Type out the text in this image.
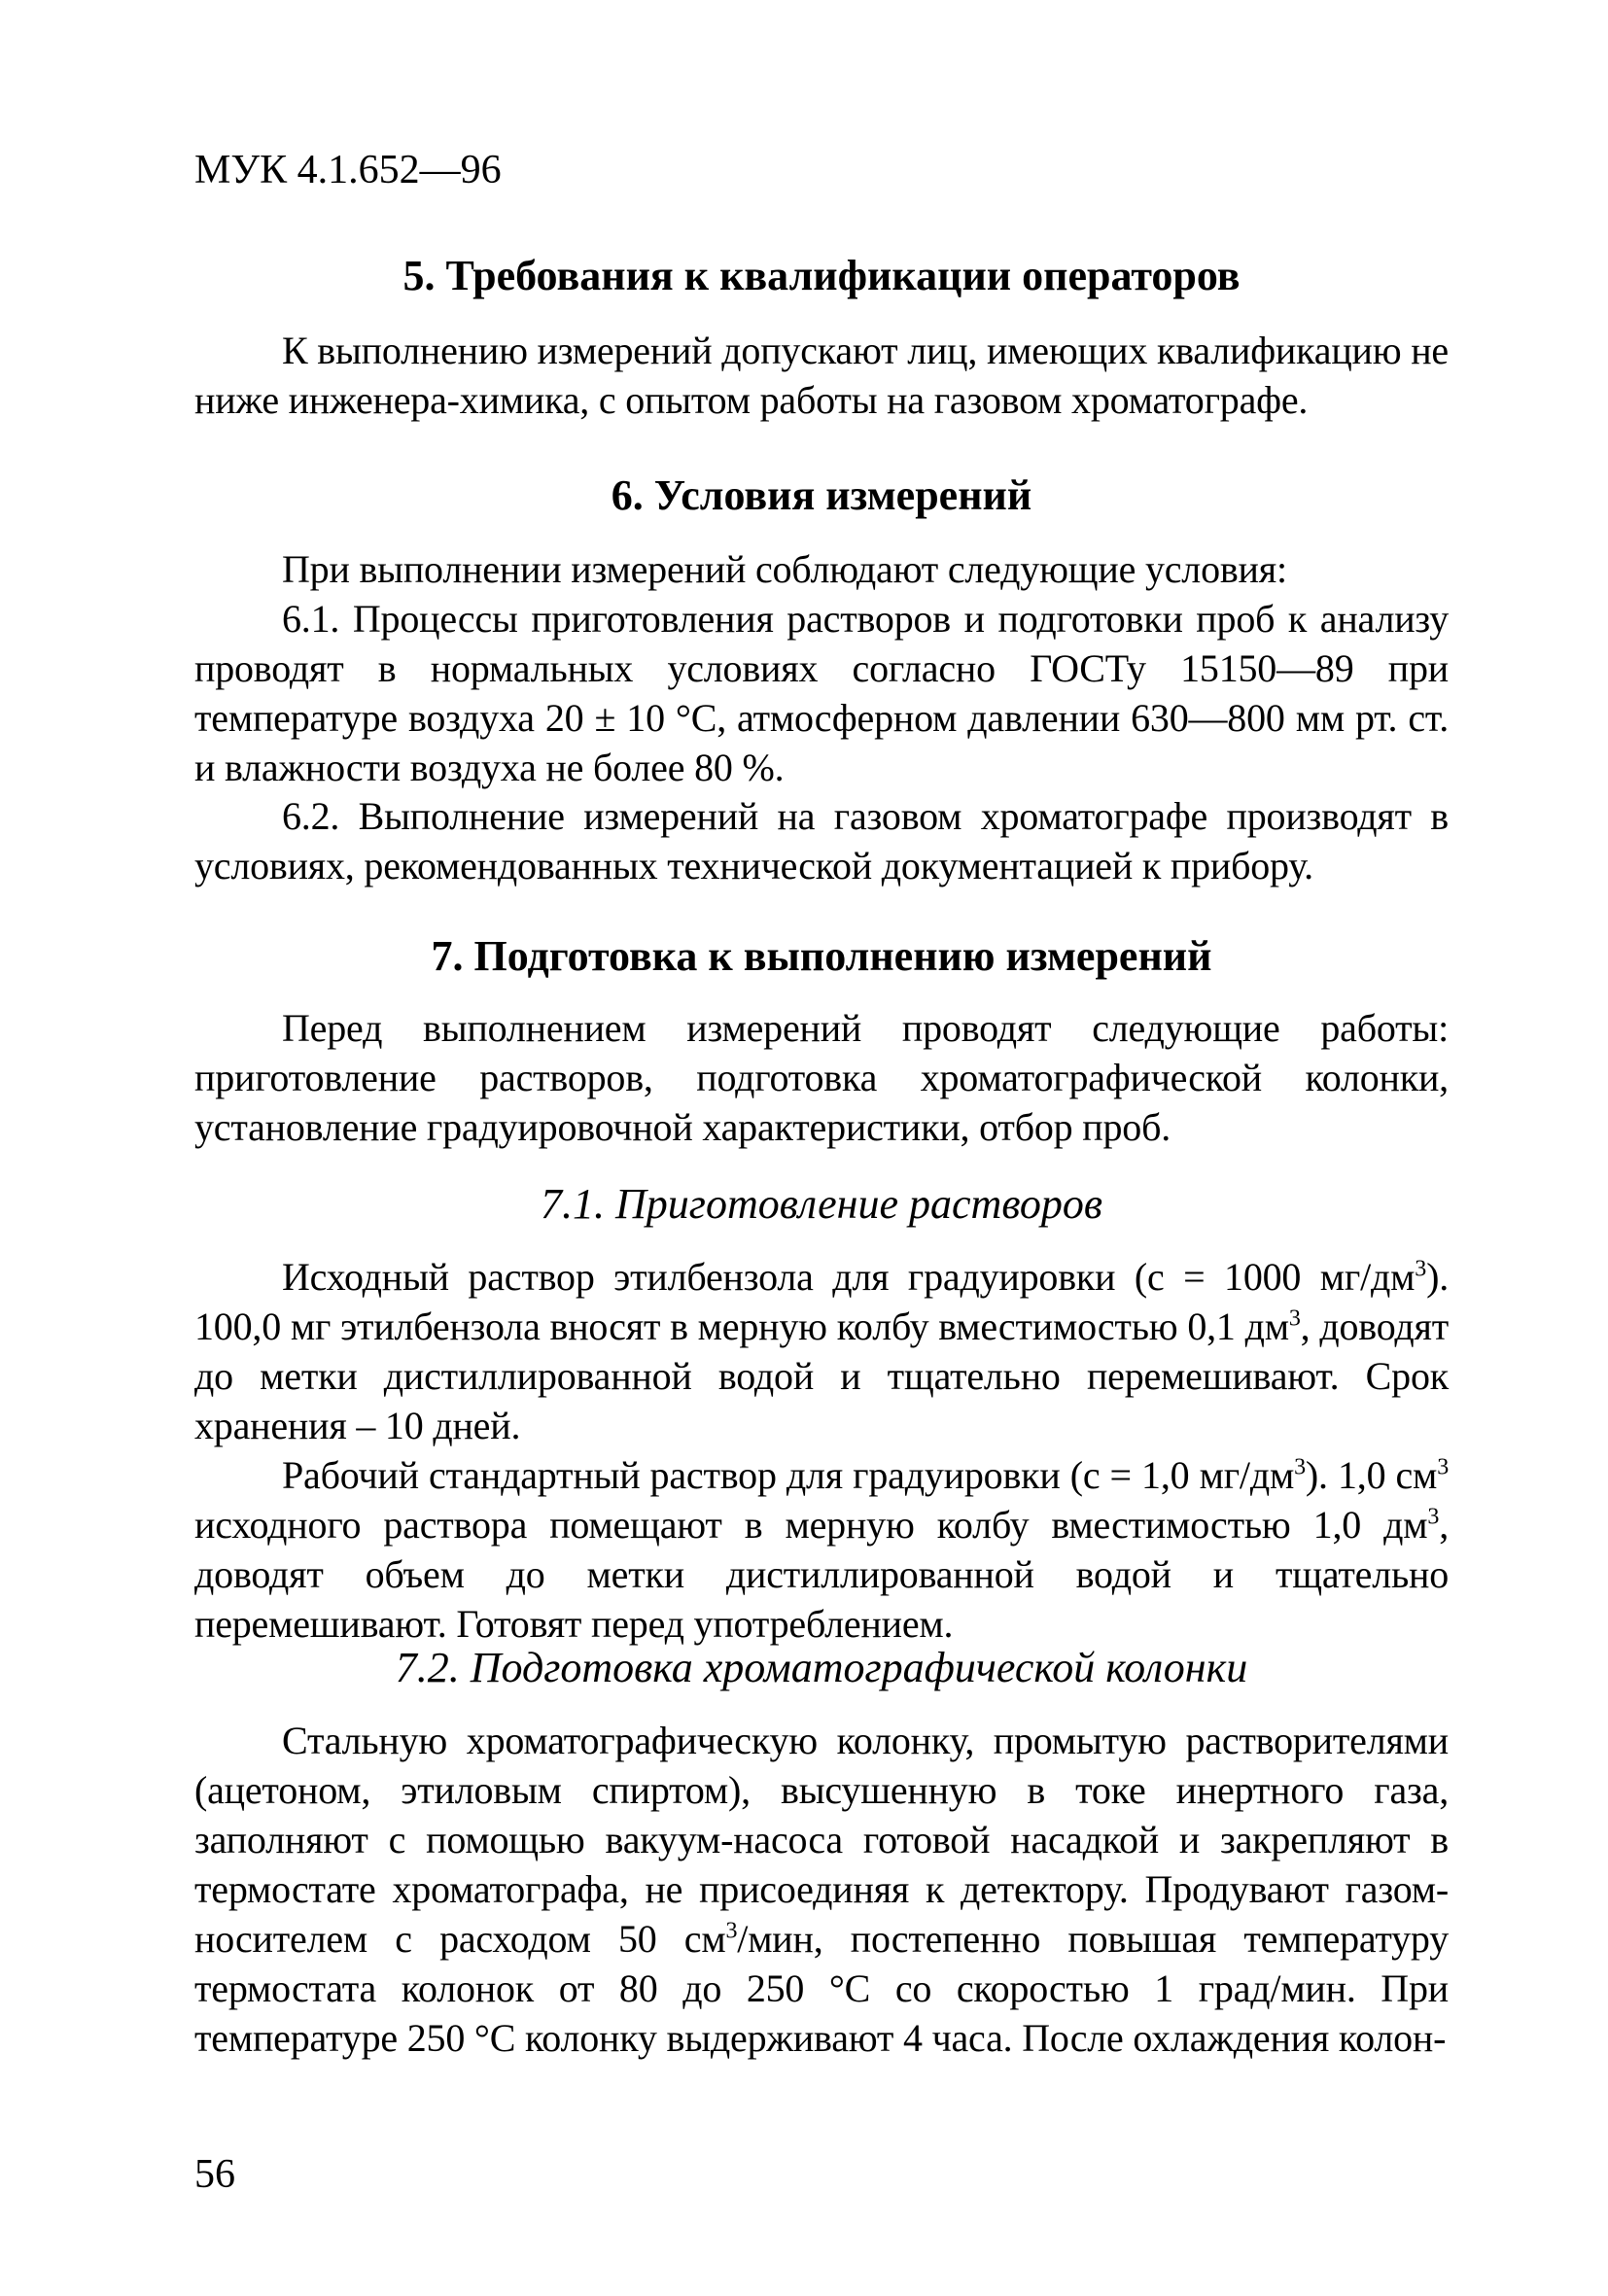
МУК 4.1.652—96
5. Требования к квалификации операторов
К выполнению измерений допускают лиц, имеющих квалификацию не ниже инженера-химика, с опытом работы на газовом хроматографе.
6. Условия измерений
При выполнении измерений соблюдают следующие условия:
6.1. Процессы приготовления растворов и подготовки проб к анализу проводят в нормальных условиях согласно ГОСТу 15150—89 при температуре воздуха 20 ± 10 °С, атмосферном давлении 630—800 мм рт. ст. и влажности воздуха не более 80 %.
6.2. Выполнение измерений на газовом хроматографе производят в условиях, рекомендованных технической документацией к прибору.
7. Подготовка к выполнению измерений
Перед выполнением измерений проводят следующие работы: приготовление растворов, подготовка хроматографической колонки, установление градуировочной характеристики, отбор проб.
7.1. Приготовление растворов
Исходный раствор этилбензола для градуировки (с = 1000 $мг/дм^3$). 100,0 мг этилбензола вносят в мерную колбу вместимостью 0,1 $дм^3$, доводят до метки дистиллированной водой и тщательно перемешивают. Срок хранения – 10 дней.
Рабочий стандартный раствор для градуировки (с = 1,0 $мг/дм^3$). 1,0 $см^3$ исходного раствора помещают в мерную колбу вместимостью 1,0 $дм^3$, доводят объем до метки дистиллированной водой и тщательно перемешивают. Готовят перед употреблением.
7.2. Подготовка хроматографической колонки
Стальную хроматографическую колонку, промытую растворителями (ацетоном, этиловым спиртом), высушенную в токе инертного газа, заполняют с помощью вакуум-насоса готовой насадкой и закрепляют в термостате хроматографа, не присоединяя к детектору. Продувают газом-носителем с расходом 50 $см^3$/мин, постепенно повышая температуру термостата колонок от 80 до 250 °С со скоростью 1 град/мин. При температуре 250 °С колонку выдерживают 4 часа. После охлаждения колон-
56
